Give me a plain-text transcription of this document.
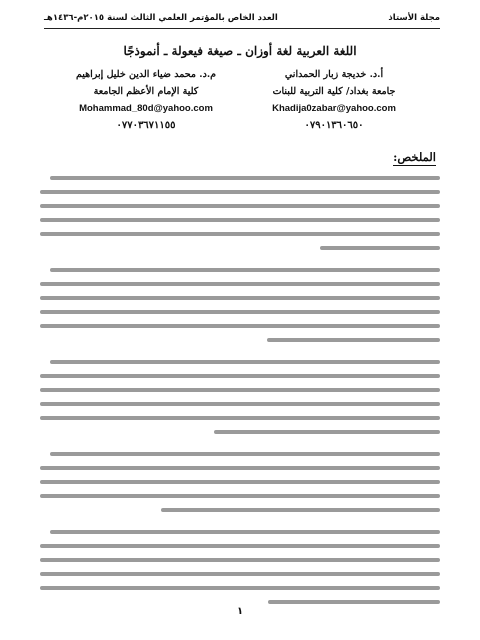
مجلة الأستاذ
العدد الخاص بالمؤتمر العلمي الثالث لسنة ٢٠١٥م-١٤٣٦هـ
اللغة العربية لغة أوزان ـ صيغة فيعولة ـ أنموذجًا
أ.د. خديجة زبار الحمداني
جامعة بغداد/ كلية التربية للبنات
Khadija0zabar@yahoo.com
٠٧٩٠١٣٦٠٦٥٠
م.د. محمد ضياء الدين خليل إبراهيم
كلية الإمام الأعظم الجامعة
Mohammad_80d@yahoo.com
٠٧٧٠٣٦٧١١٥٥
الملخص:
١
